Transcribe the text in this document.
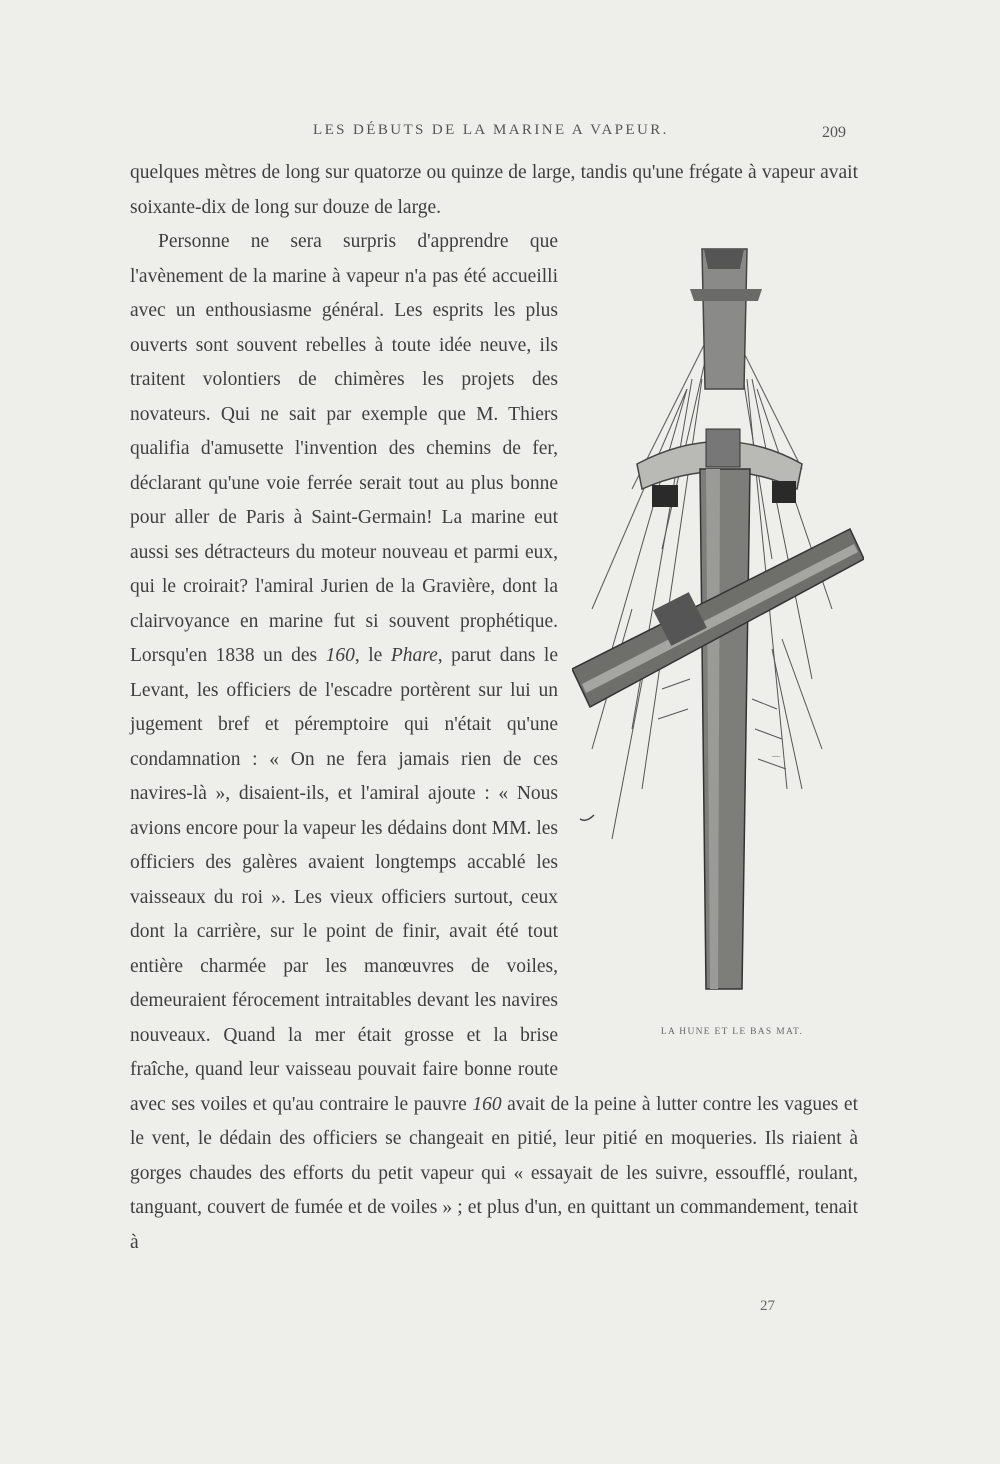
LES DÉBUTS DE LA MARINE A VAPEUR.	209

quelques mètres de long sur quatorze ou quinze de large, tandis qu'une frégate à vapeur avait soixante-dix de long sur douze de large.

—
LA HUNE ET LE BAS MAT.

Personne ne sera surpris d'apprendre que l'avènement de la marine à vapeur n'a pas été accueilli avec un enthousiasme général. Les esprits les plus ouverts sont souvent rebelles à toute idée neuve, ils traitent volontiers de chimères les projets des novateurs. Qui ne sait par exemple que M. Thiers qualifia d'amusette l'invention des chemins de fer, déclarant qu'une voie ferrée serait tout au plus bonne pour aller de Paris à Saint-Germain! La marine eut aussi ses détracteurs du moteur nouveau et parmi eux, qui le croirait? l'amiral Jurien de la Gravière, dont la clairvoyance en marine fut si souvent prophétique. Lorsqu'en 1838 un des 160, le Phare, parut dans le Levant, les officiers de l'escadre portèrent sur lui un jugement bref et péremptoire qui n'était qu'une condamnation : « On ne fera jamais rien de ces navires-là », disaient-ils, et l'amiral ajoute : « Nous avions encore pour la vapeur les dédains dont MM. les officiers des galères avaient longtemps accablé les vaisseaux du roi ». Les vieux officiers surtout, ceux dont la carrière, sur le point de finir, avait été tout entière charmée par les manœuvres de voiles, demeuraient férocement intraitables devant les navires nouveaux. Quand la mer était grosse et la brise fraîche, quand leur vaisseau pouvait faire bonne route avec ses voiles et qu'au contraire le pauvre 160 avait de la peine à lutter contre les vagues et le vent, le dédain des officiers se changeait en pitié, leur pitié en moqueries. Ils riaient à gorges chaudes des efforts du petit vapeur qui « essayait de les suivre, essoufflé, roulant, tanguant, couvert de fumée et de voiles » ; et plus d'un, en quittant un commandement, tenait à

27
